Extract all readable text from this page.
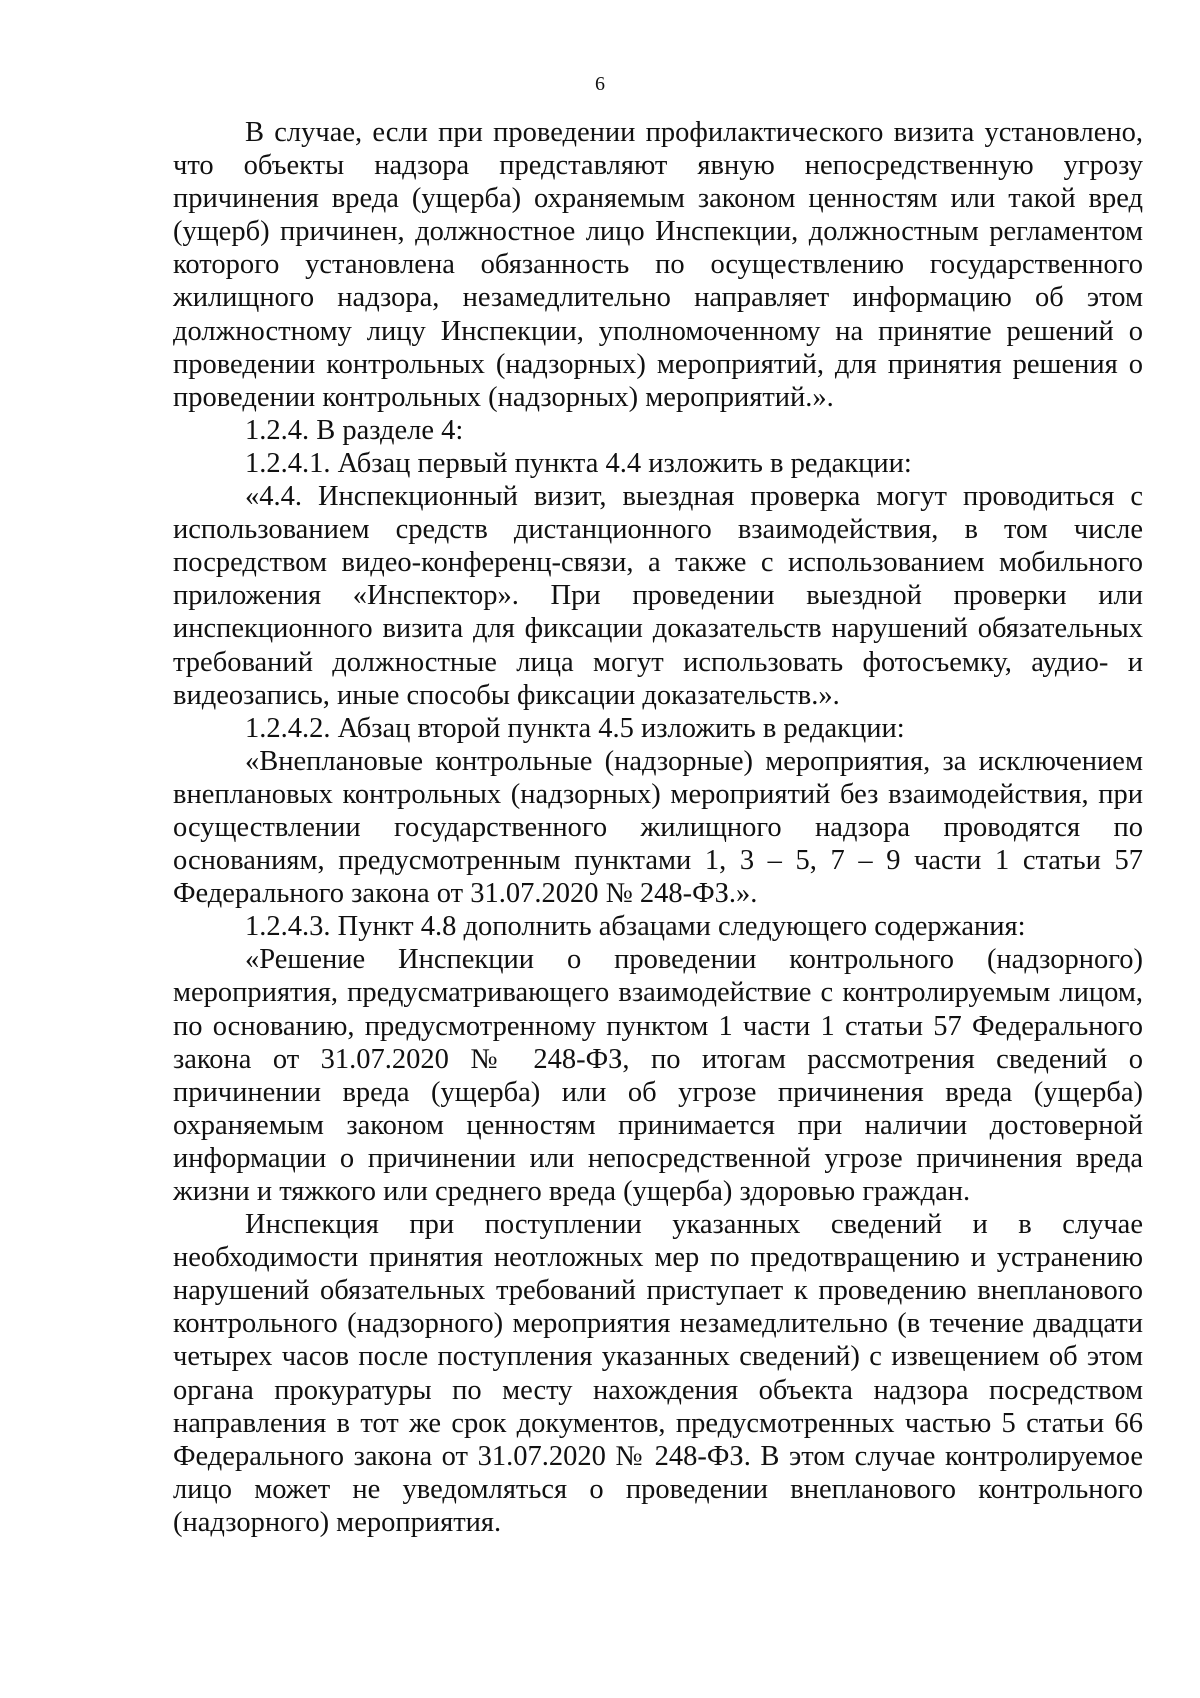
6

В случае, если при проведении профилактического визита установлено, что объекты надзора представляют явную непосредственную угрозу причинения вреда (ущерба) охраняемым законом ценностям или такой вред (ущерб) причинен, должностное лицо Инспекции, должностным регламентом которого установлена обязанность по осуществлению государственного жилищного надзора, незамедлительно направляет информацию об этом должностному лицу Инспекции, уполномоченному на принятие решений о проведении контрольных (надзорных) мероприятий, для принятия решения о проведении контрольных (надзорных) мероприятий.».

1.2.4. В разделе 4:

1.2.4.1. Абзац первый пункта 4.4 изложить в редакции:

«4.4. Инспекционный визит, выездная проверка могут проводиться с использованием средств дистанционного взаимодействия, в том числе посредством видео-конференц-связи, а также с использованием мобильного приложения «Инспектор». При проведении выездной проверки или инспекционного визита для фиксации доказательств нарушений обязательных требований должностные лица могут использовать фотосъемку, аудио- и видеозапись, иные способы фиксации доказательств.».

1.2.4.2. Абзац второй пункта 4.5 изложить в редакции:

«Внеплановые контрольные (надзорные) мероприятия, за исключением внеплановых контрольных (надзорных) мероприятий без взаимодействия, при осуществлении государственного жилищного надзора проводятся по основаниям, предусмотренным пунктами 1, 3 – 5, 7 – 9 части 1 статьи 57 Федерального закона от 31.07.2020 № 248-ФЗ.».

1.2.4.3. Пункт 4.8 дополнить абзацами следующего содержания:

«Решение Инспекции о проведении контрольного (надзорного) мероприятия, предусматривающего взаимодействие с контролируемым лицом, по основанию, предусмотренному пунктом 1 части 1 статьи 57 Федерального закона от 31.07.2020 № 248-ФЗ, по итогам рассмотрения сведений о причинении вреда (ущерба) или об угрозе причинения вреда (ущерба) охраняемым законом ценностям принимается при наличии достоверной информации о причинении или непосредственной угрозе причинения вреда жизни и тяжкого или среднего вреда (ущерба) здоровью граждан.

Инспекция при поступлении указанных сведений и в случае необходимости принятия неотложных мер по предотвращению и устранению нарушений обязательных требований приступает к проведению внепланового контрольного (надзорного) мероприятия незамедлительно (в течение двадцати четырех часов после поступления указанных сведений) с извещением об этом органа прокуратуры по месту нахождения объекта надзора посредством направления в тот же срок документов, предусмотренных частью 5 статьи 66 Федерального закона от 31.07.2020 № 248-ФЗ. В этом случае контролируемое лицо может не уведомляться о проведении внепланового контрольного (надзорного) мероприятия.
